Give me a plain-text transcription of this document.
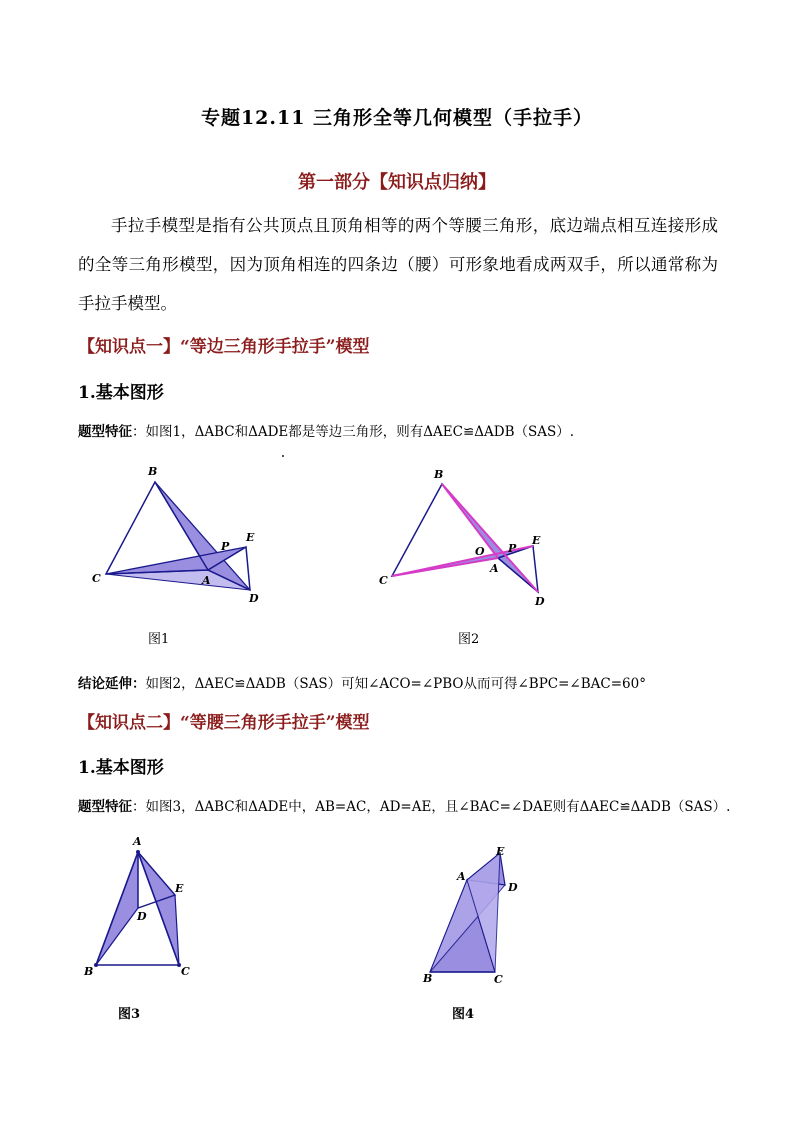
专题12.11 三角形全等几何模型（手拉手）
第一部分【知识点归纳】
手拉手模型是指有公共顶点且顶角相等的两个等腰三角形，底边端点相互连接形成的全等三角形模型，因为顶角相连的四条边（腰）可形象地看成两双手，所以通常称为手拉手模型。
【知识点一】“等边三角形手拉手”模型
1.基本图形
题型特征：如图1，ΔABC和ΔADE都是等边三角形，则有ΔAEC≌ΔADB（SAS）.
B
C	A
P
E
D
图1
B
C
A
O P
E
D
图2
结论延伸：如图2，ΔAEC≌ΔADB（SAS）可知∠ACO=∠PBO从而可得∠BPC=∠BAC=60°
【知识点二】“等腰三角形手拉手”模型
1.基本图形
题型特征：如图3，ΔABC和ΔADE中，AB=AC，AD=AE，且∠BAC=∠DAE则有ΔAEC≌ΔADB（SAS）.
A
B	C
D
E
图3
A
B	C
D
E
图4
